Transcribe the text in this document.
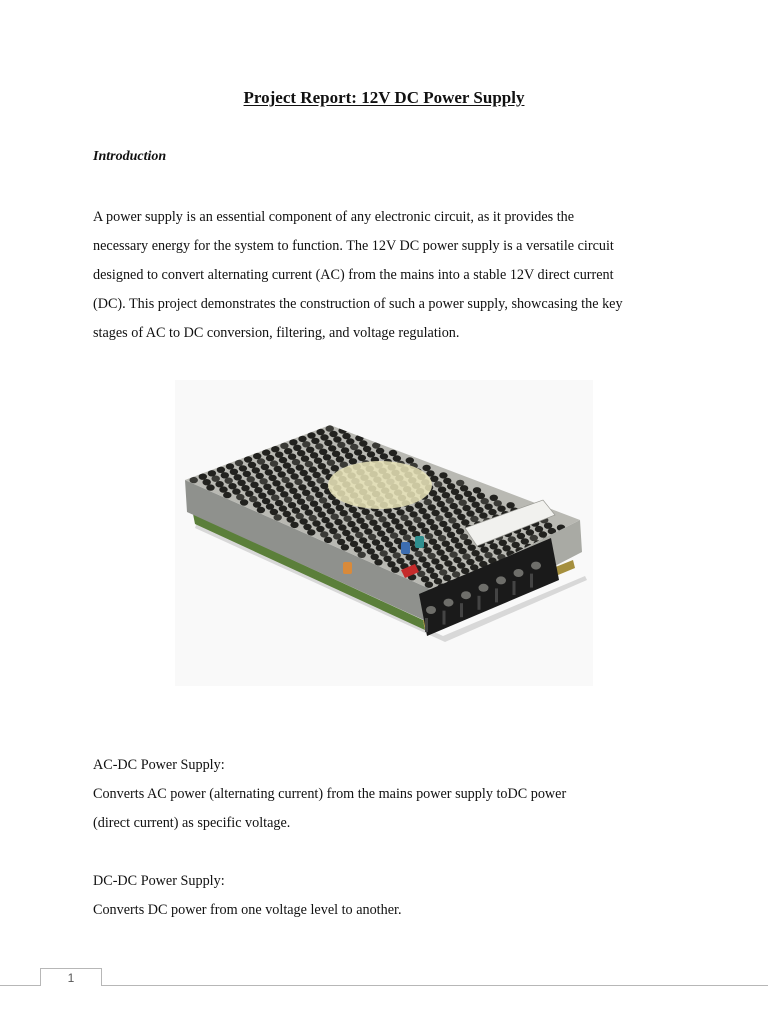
Project Report: 12V DC Power Supply
Introduction

A power supply is an essential component of any electronic circuit, as it provides the
necessary energy for the system to function. The 12V DC power supply is a versatile circuit
designed to convert alternating current (AC) from the mains into a stable 12V direct current
(DC). This project demonstrates the construction of such a power supply, showcasing the key
stages of AC to DC conversion, filtering, and voltage regulation.

AC-DC Power Supply:
Converts AC power (alternating current) from the mains power supply toDC power
(direct current) as specific voltage.
DC-DC Power Supply:
Converts DC power from one voltage level to another.
1
